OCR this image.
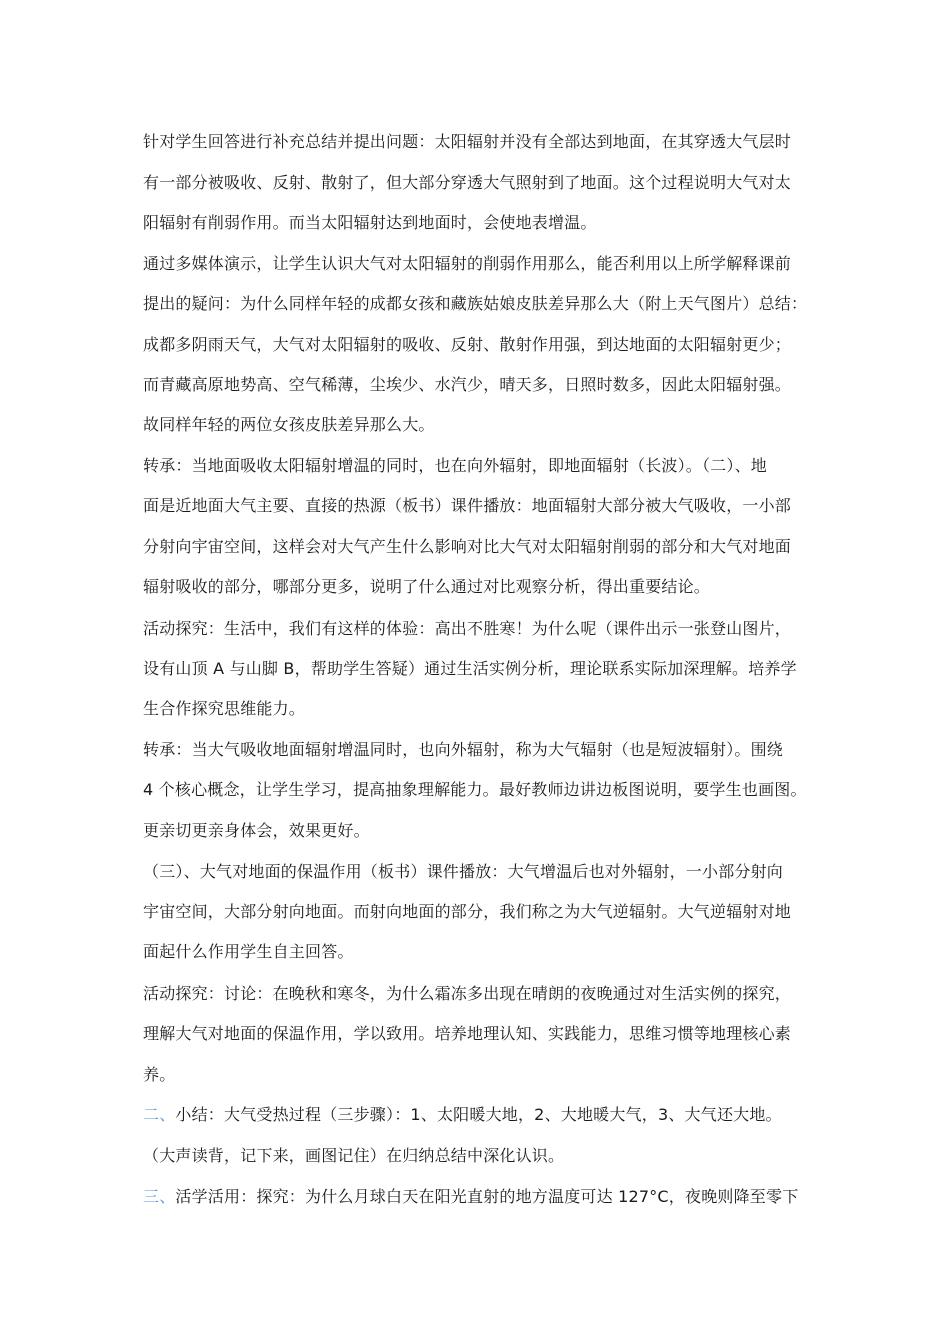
针对学生回答进行补充总结并提出问题：太阳辐射并没有全部达到地面，在其穿透大气层时
有一部分被吸收、反射、散射了，但大部分穿透大气照射到了地面。这个过程说明大气对太
阳辐射有削弱作用。而当太阳辐射达到地面时，会使地表增温。
通过多媒体演示，让学生认识大气对太阳辐射的削弱作用那么，能否利用以上所学解释课前
提出的疑问：为什么同样年轻的成都女孩和藏族姑娘皮肤差异那么大（附上天气图片）总结：
成都多阴雨天气，大气对太阳辐射的吸收、反射、散射作用强，到达地面的太阳辐射更少；
而青藏高原地势高、空气稀薄，尘埃少、水汽少，晴天多，日照时数多，因此太阳辐射强。
故同样年轻的两位女孩皮肤差异那么大。
转承：当地面吸收太阳辐射增温的同时，也在向外辐射，即地面辐射（长波）。（二）、地
面是近地面大气主要、直接的热源（板书）课件播放：地面辐射大部分被大气吸收，一小部
分射向宇宙空间，这样会对大气产生什么影响对比大气对太阳辐射削弱的部分和大气对地面
辐射吸收的部分，哪部分更多，说明了什么通过对比观察分析，得出重要结论。
活动探究：生活中，我们有这样的体验：高出不胜寒！为什么呢（课件出示一张登山图片，
设有山顶 A 与山脚 B，帮助学生答疑）通过生活实例分析，理论联系实际加深理解。培养学
生合作探究思维能力。
转承：当大气吸收地面辐射增温同时，也向外辐射，称为大气辐射（也是短波辐射）。围绕
4 个核心概念，让学生学习，提高抽象理解能力。最好教师边讲边板图说明，要学生也画图。
更亲切更亲身体会，效果更好。
（三）、大气对地面的保温作用（板书）课件播放：大气增温后也对外辐射，一小部分射向
宇宙空间，大部分射向地面。而射向地面的部分，我们称之为大气逆辐射。大气逆辐射对地
面起什么作用学生自主回答。
活动探究：讨论：在晚秋和寒冬，为什么霜冻多出现在晴朗的夜晚通过对生活实例的探究，
理解大气对地面的保温作用，学以致用。培养地理认知、实践能力，思维习惯等地理核心素
养。
二、小结：大气受热过程（三步骤）：1、太阳暖大地，2、大地暖大气，3、大气还大地。
（大声读背，记下来，画图记住）在归纳总结中深化认识。
三、活学活用：探究：为什么月球白天在阳光直射的地方温度可达 127°C，夜晚则降至零下
